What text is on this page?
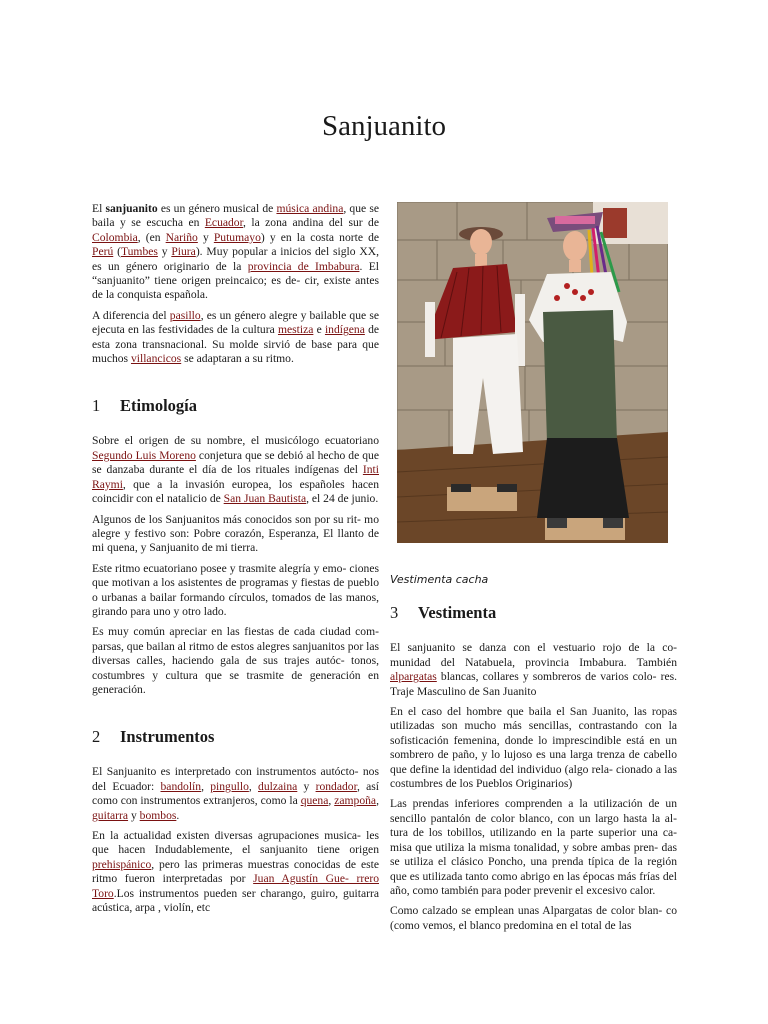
Sanjuanito

El sanjuanito es un género musical de música andina, que se baila y se escucha en Ecuador, la zona andina del sur de Colombia, (en Nariño y Putumayo) y en la costa norte de Perú (Tumbes y Piura). Muy popular a inicios del siglo XX, es un género originario de la provincia de Imbabura. El “sanjuanito” tiene origen preincaico; es de- cir, existe antes de la conquista española.

A diferencia del pasillo, es un género alegre y bailable que se ejecuta en las festividades de la cultura mestiza e indígena de esta zona transnacional. Su molde sirvió de base para que muchos villancicos se adaptaran a su ritmo.

1 Etimología

Sobre el origen de su nombre, el musicólogo ecuatoriano Segundo Luis Moreno conjetura que se debió al hecho de que se danzaba durante el día de los rituales indígenas del Inti Raymi, que a la invasión europea, los españoles hacen coincidir con el natalicio de San Juan Bautista, el 24 de junio.

Algunos de los Sanjuanitos más conocidos son por su rit- mo alegre y festivo son: Pobre corazón, Esperanza, El llanto de mi quena, y Sanjuanito de mi tierra.

Este ritmo ecuatoriano posee y trasmite alegría y emo- ciones que motivan a los asistentes de programas y fiestas de pueblo o urbanas a bailar formando círculos, tomados de las manos, girando para uno y otro lado.

Es muy común apreciar en las fiestas de cada ciudad com- parsas, que bailan al ritmo de estos alegres sanjuanitos por las diversas calles, haciendo gala de sus trajes autóc- tonos, costumbres y cultura que se trasmite de generación en generación.

2 Instrumentos

El Sanjuanito es interpretado con instrumentos autócto- nos del Ecuador: bandolín, pingullo, dulzaina y rondador, así como con instrumentos extranjeros, como la quena, zampoña, guitarra y bombos.

En la actualidad existen diversas agrupaciones musica- les que hacen Indudablemente, el sanjuanito tiene origen prehispánico, pero las primeras muestras conocidas de este ritmo fueron interpretadas por Juan Agustín Gue- rrero Toro.Los instrumentos pueden ser charango, guiro, guitarra acústica, arpa , violín, etc

Vestimenta cacha

3 Vestimenta

El sanjuanito se danza con el vestuario rojo de la co- munidad del Natabuela, provincia Imbabura. También alpargatas blancas, collares y sombreros de varios colo- res. Traje Masculino de San Juanito

En el caso del hombre que baila el San Juanito, las ropas utilizadas son mucho más sencillas, contrastando con la sofisticación femenina, donde lo imprescindible está en un sombrero de paño, y lo lujoso es una larga trenza de cabello que define la identidad del individuo (algo rela- cionado a las costumbres de los Pueblos Originarios)

Las prendas inferiores comprenden a la utilización de un sencillo pantalón de color blanco, con un largo hasta la al- tura de los tobillos, utilizando en la parte superior una ca- misa que utiliza la misma tonalidad, y sobre ambas pren- das se utiliza el clásico Poncho, una prenda típica de la región que es utilizada tanto como abrigo en las épocas más frías del año, como también para poder prevenir el excesivo calor.

Como calzado se emplean unas Alpargatas de color blan- co (como vemos, el blanco predomina en el total de las
